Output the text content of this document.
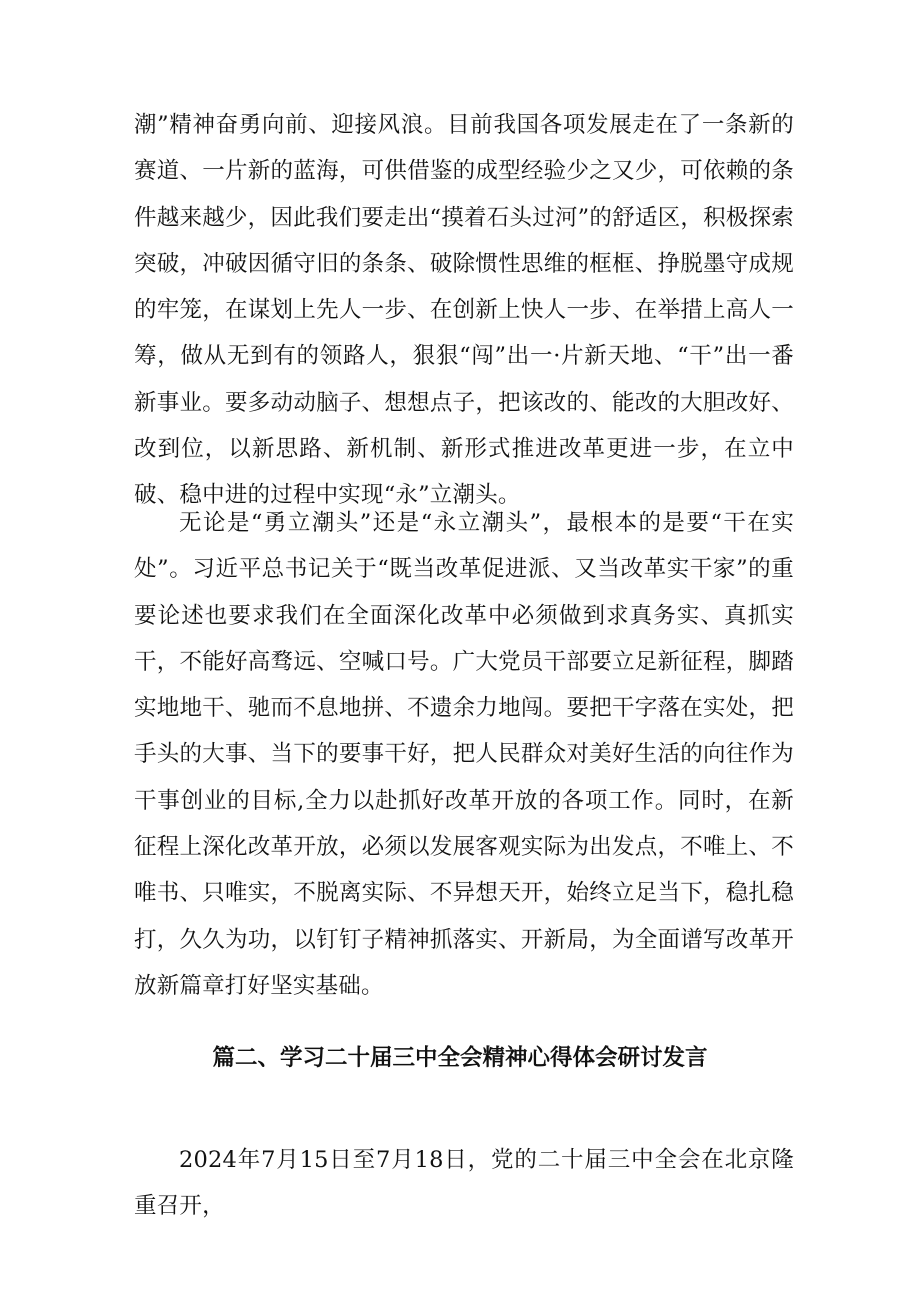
潮”精神奋勇向前、迎接风浪。目前我国各项发展走在了一条新的赛道、一片新的蓝海，可供借鉴的成型经验少之又少，可依赖的条件越来越少，因此我们要走出“摸着石头过河”的舒适区，积极探索突破，冲破因循守旧的条条、破除惯性思维的框框、挣脱墨守成规的牢笼，在谋划上先人一步、在创新上快人一步、在举措上高人一筹，做从无到有的领路人，狠狠“闯”出一·片新天地、“干”出一番新事业。要多动动脑子、想想点子，把该改的、能改的大胆改好、改到位，以新思路、新机制、新形式推进改革更进一步，在立中破、稳中进的过程中实现“永”立潮头。

无论是“勇立潮头”还是“永立潮头”，最根本的是要“干在实处”。习近平总书记关于“既当改革促进派、又当改革实干家”的重要论述也要求我们在全面深化改革中必须做到求真务实、真抓实干，不能好高骛远、空喊口号。广大党员干部要立足新征程，脚踏实地地干、驰而不息地拼、不遗余力地闯。要把干字落在实处，把手头的大事、当下的要事干好，把人民群众对美好生活的向往作为干事创业的目标,全力以赴抓好改革开放的各项工作。同时，在新征程上深化改革开放，必须以发展客观实际为出发点，不唯上、不唯书、只唯实，不脱离实际、不异想天开，始终立足当下，稳扎稳打，久久为功，以钉钉子精神抓落实、开新局，为全面谱写改革开放新篇章打好坚实基础。

篇二、学习二十届三中全会精神心得体会研讨发言

2024年7月15日至7月18日，党的二十届三中全会在北京隆重召开，
